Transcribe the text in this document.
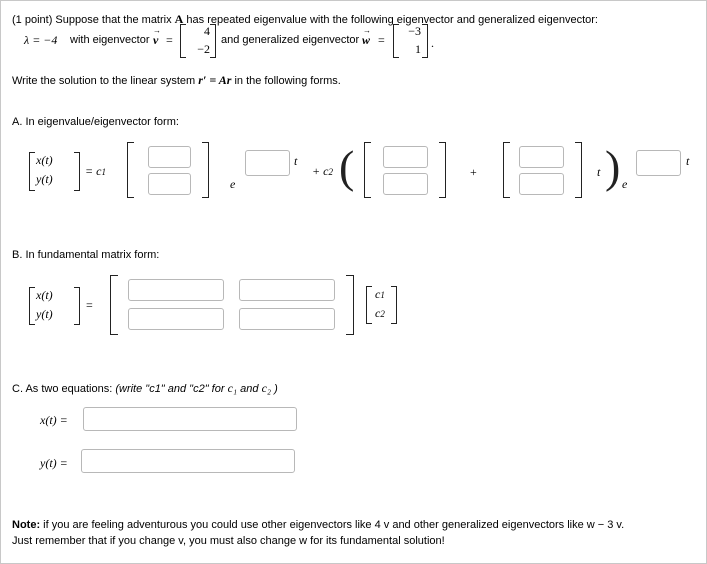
(1 point) Suppose that the matrix A has repeated eigenvalue with the following eigenvector and generalized eigenvector:
λ = −4 with eigenvector v
→
=
4
−2
and generalized eigenvector w
→
=
−3
1 .
Write the solution to the linear system r′ = Ar in the following forms.
A. In eigenvalue/eigenvector form:
x(t)
y(t)
= c1
e
t
+ c2 (	+	t ) e
t
B. In fundamental matrix form:
x(t)
y(t)
=
c1
c2
C. As two equations: (write "c1" and "c2" for c₁ and c₂ )
x(t) =
y(t) =
Note: if you are feeling adventurous you could use other eigenvectors like 4 v and other generalized eigenvectors like w − 3 v.
Just remember that if you change v, you must also change w for its fundamental solution!
